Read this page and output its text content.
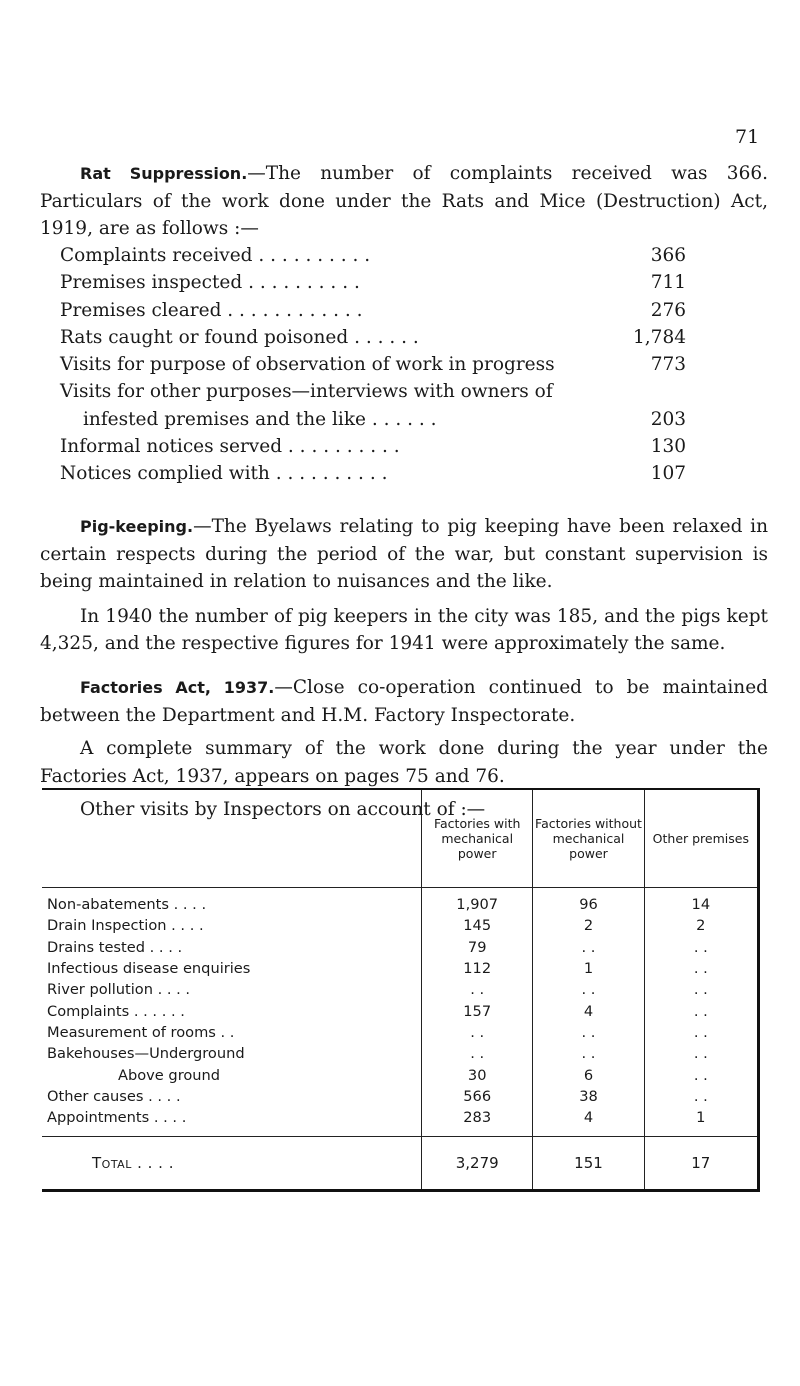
71

Rat Suppression.—The number of complaints received was 366. Particulars of the work done under the Rats and Mice (Destruction) Act, 1919, are as follows :—

Complaints received . . . . . . . . . .	366
Premises inspected . . . . . . . . . .	711
Premises cleared . . . . . . . . . . . .	276
Rats caught or found poisoned . . . . . .	1,784
Visits for purpose of observation of work in progress	773
Visits for other purposes—interviews with owners of
infested premises and the like . . . . . .	203
Informal notices served . . . . . . . . . .	130
Notices complied with . . . . . . . . . .	107

Pig-keeping.—The Byelaws relating to pig keeping have been relaxed in certain respects during the period of the war, but constant supervision is being maintained in relation to nuisances and the like.

In 1940 the number of pig keepers in the city was 185, and the pigs kept 4,325, and the respective figures for 1941 were approximately the same.

Factories Act, 1937.—Close co-operation continued to be maintained between the Department and H.M. Factory Inspectorate.

A complete summary of the work done during the year under the Factories Act, 1937, appears on pages 75 and 76.

Other visits by Inspectors on account of :—

	Factories with mechanical power	Factories without mechanical power	Other premises
Non-abatements . . . .	1,907	96	14
Drain Inspection . . . .	145	2	2
Drains tested . . . .	79	. .	. .
Infectious disease enquiries	112	1	. .
River pollution . . . .	. .	. .	. .
Complaints . . . . . .	157	4	. .
Measurement of rooms . .	. .	. .	. .
Bakehouses—Underground	. .	. .	. .
Above ground	30	6	. .
Other causes . . . .	566	38	. .
Appointments . . . .	283	4	1
Total . . . .	3,279	151	17
